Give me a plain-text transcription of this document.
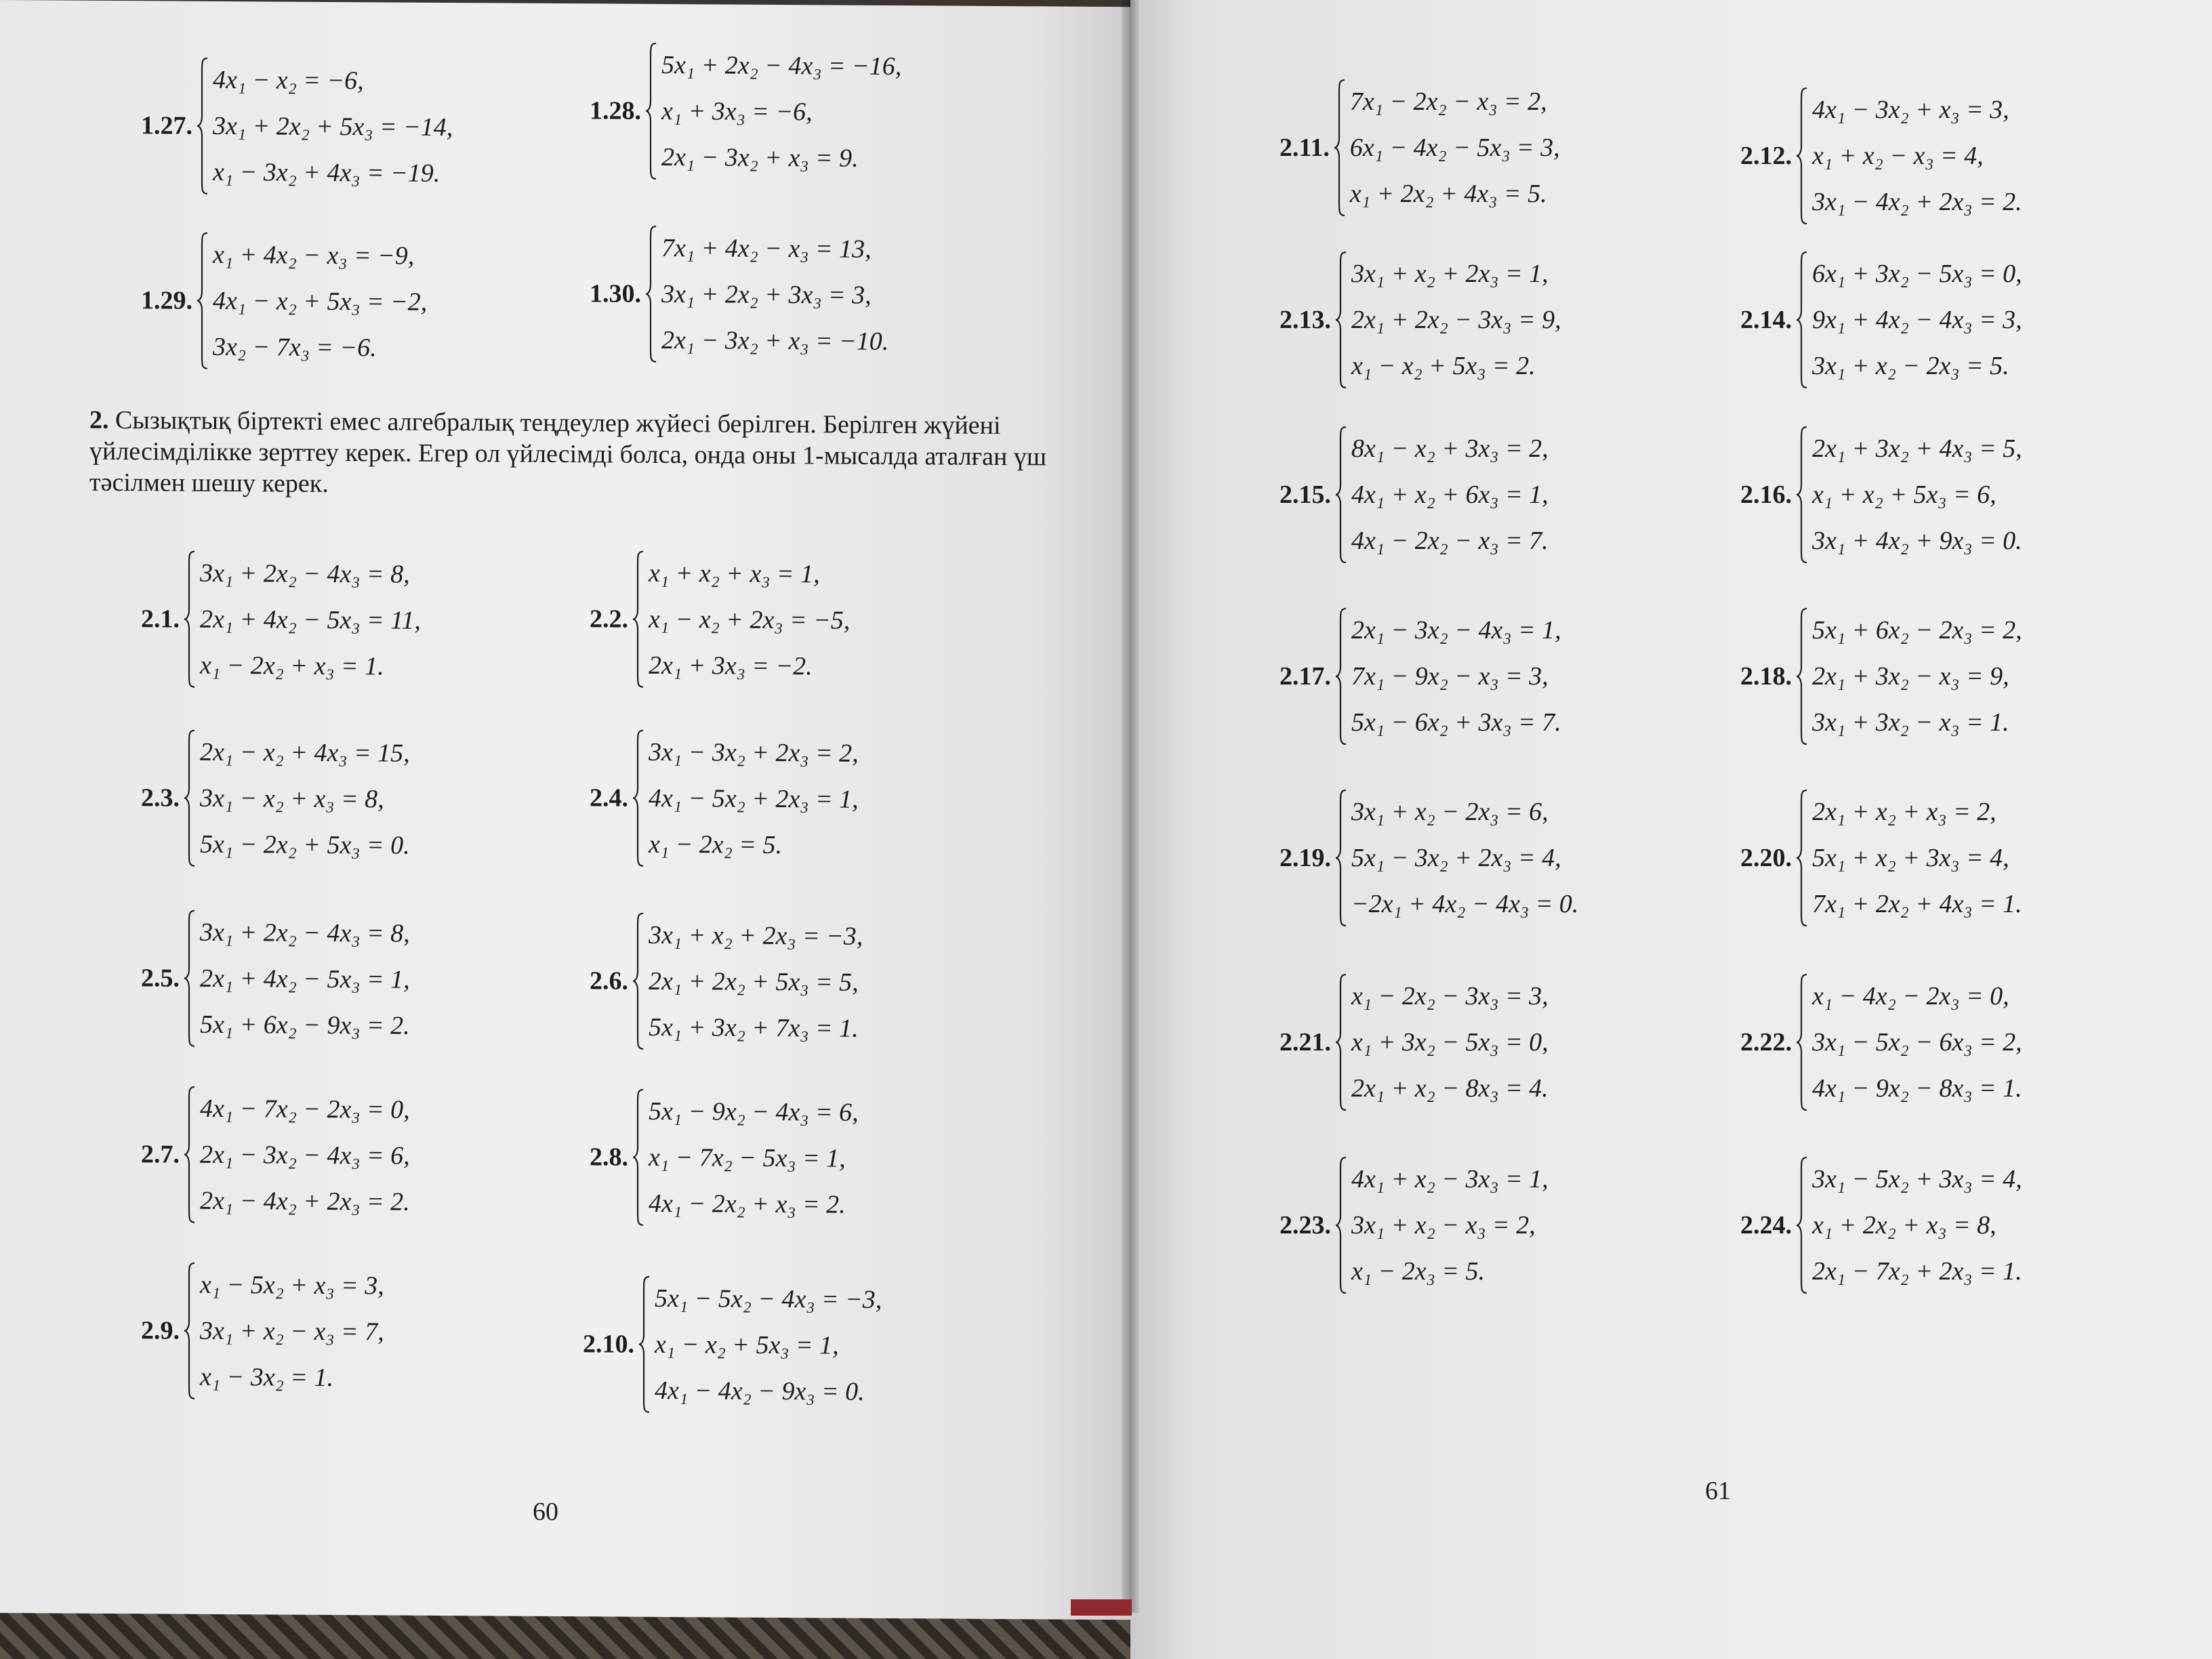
2.11.
7x₁ − 2x₂ − x₃ = 2,
6x₁ − 4x₂ − 5x₃ = 3,
x₁ + 2x₂ + 4x₃ = 5.
2.12.
4x₁ − 3x₂ + x₃ = 3,
x₁ + x₂ − x₃ = 4,
3x₁ − 4x₂ + 2x₃ = 2.
2.13.
3x₁ + x₂ + 2x₃ = 1,
2x₁ + 2x₂ − 3x₃ = 9,
x₁ − x₂ + 5x₃ = 2.
2.14.
6x₁ + 3x₂ − 5x₃ = 0,
9x₁ + 4x₂ − 4x₃ = 3,
3x₁ + x₂ − 2x₃ = 5.
2.15.
8x₁ − x₂ + 3x₃ = 2,
4x₁ + x₂ + 6x₃ = 1,
4x₁ − 2x₂ − x₃ = 7.
2.16.
2x₁ + 3x₂ + 4x₃ = 5,
x₁ + x₂ + 5x₃ = 6,
3x₁ + 4x₂ + 9x₃ = 0.
2.17.
2x₁ − 3x₂ − 4x₃ = 1,
7x₁ − 9x₂ − x₃ = 3,
5x₁ − 6x₂ + 3x₃ = 7.
2.18.
5x₁ + 6x₂ − 2x₃ = 2,
2x₁ + 3x₂ − x₃ = 9,
3x₁ + 3x₂ − x₃ = 1.
2.19.
3x₁ + x₂ − 2x₃ = 6,
5x₁ − 3x₂ + 2x₃ = 4,
−2x₁ + 4x₂ − 4x₃ = 0.
2.20.
2x₁ + x₂ + x₃ = 2,
5x₁ + x₂ + 3x₃ = 4,
7x₁ + 2x₂ + 4x₃ = 1.
2.21.
x₁ − 2x₂ − 3x₃ = 3,
x₁ + 3x₂ − 5x₃ = 0,
2x₁ + x₂ − 8x₃ = 4.
2.22.
x₁ − 4x₂ − 2x₃ = 0,
3x₁ − 5x₂ − 6x₃ = 2,
4x₁ − 9x₂ − 8x₃ = 1.
2.23.
4x₁ + x₂ − 3x₃ = 1,
3x₁ + x₂ − x₃ = 2,
x₁ − 2x₃ = 5.
2.24.
3x₁ − 5x₂ + 3x₃ = 4,
x₁ + 2x₂ + x₃ = 8,
2x₁ − 7x₂ + 2x₃ = 1.
61
1.27.
4x₁ − x₂ = −6,
3x₁ + 2x₂ + 5x₃ = −14,
x₁ − 3x₂ + 4x₃ = −19.
1.28.
5x₁ + 2x₂ − 4x₃ = −16,
x₁ + 3x₃ = −6,
2x₁ − 3x₂ + x₃ = 9.
1.29.
x₁ + 4x₂ − x₃ = −9,
4x₁ − x₂ + 5x₃ = −2,
3x₂ − 7x₃ = −6.
1.30.
7x₁ + 4x₂ − x₃ = 13,
3x₁ + 2x₂ + 3x₃ = 3,
2x₁ − 3x₂ + x₃ = −10.
2. Сызықтық біртекті емес алгебралық теңдеулер жүйесі берілген. Берілген жүйені үйлесімділікке зерттеу керек. Егер ол үйлесімді болса, онда оны 1-мысалда аталған үш тәсілмен шешу керек.
2.1.
3x₁ + 2x₂ − 4x₃ = 8,
2x₁ + 4x₂ − 5x₃ = 11,
x₁ − 2x₂ + x₃ = 1.
2.2.
x₁ + x₂ + x₃ = 1,
x₁ − x₂ + 2x₃ = −5,
2x₁ + 3x₃ = −2.
2.3.
2x₁ − x₂ + 4x₃ = 15,
3x₁ − x₂ + x₃ = 8,
5x₁ − 2x₂ + 5x₃ = 0.
2.4.
3x₁ − 3x₂ + 2x₃ = 2,
4x₁ − 5x₂ + 2x₃ = 1,
x₁ − 2x₂ = 5.
2.5.
3x₁ + 2x₂ − 4x₃ = 8,
2x₁ + 4x₂ − 5x₃ = 1,
5x₁ + 6x₂ − 9x₃ = 2.
2.6.
3x₁ + x₂ + 2x₃ = −3,
2x₁ + 2x₂ + 5x₃ = 5,
5x₁ + 3x₂ + 7x₃ = 1.
2.7.
4x₁ − 7x₂ − 2x₃ = 0,
2x₁ − 3x₂ − 4x₃ = 6,
2x₁ − 4x₂ + 2x₃ = 2.
2.8.
5x₁ − 9x₂ − 4x₃ = 6,
x₁ − 7x₂ − 5x₃ = 1,
4x₁ − 2x₂ + x₃ = 2.
2.9.
x₁ − 5x₂ + x₃ = 3,
3x₁ + x₂ − x₃ = 7,
x₁ − 3x₂ = 1.
2.10.
5x₁ − 5x₂ − 4x₃ = −3,
x₁ − x₂ + 5x₃ = 1,
4x₁ − 4x₂ − 9x₃ = 0.
60
